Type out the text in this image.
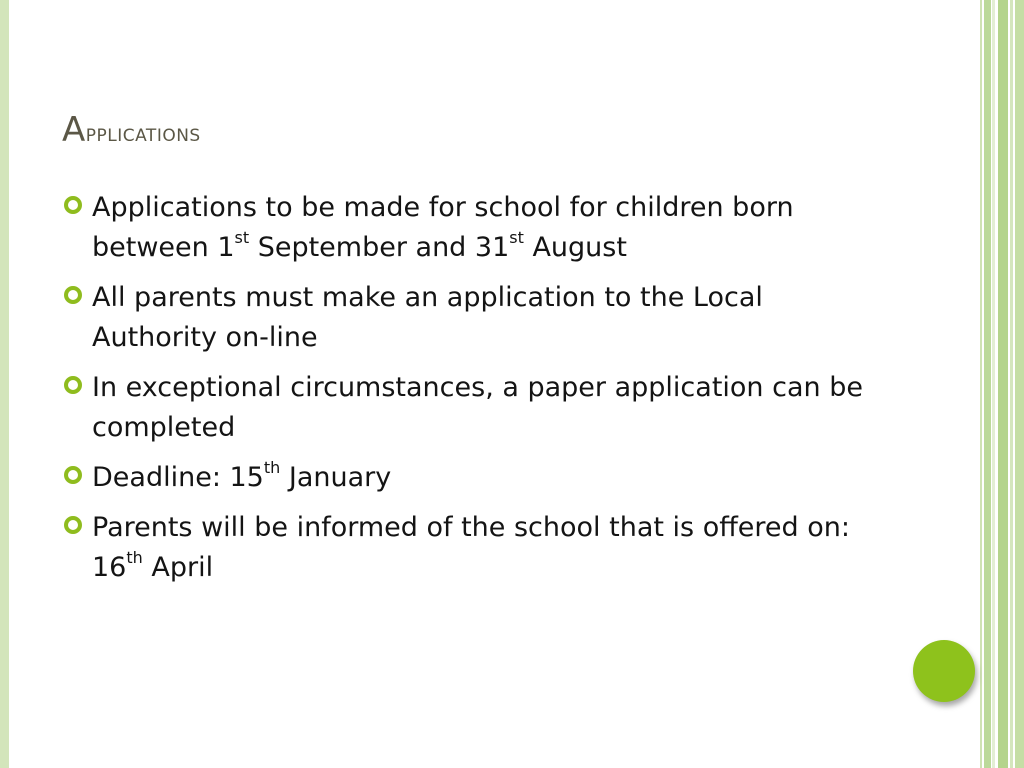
Applications
Applications to be made for school for children born
between 1st September and 31st August
All parents must make an application to the Local
Authority on-line
In exceptional circumstances, a paper application can be
completed
Deadline: 15th January
Parents will be informed of the school that is offered on:
16th April
